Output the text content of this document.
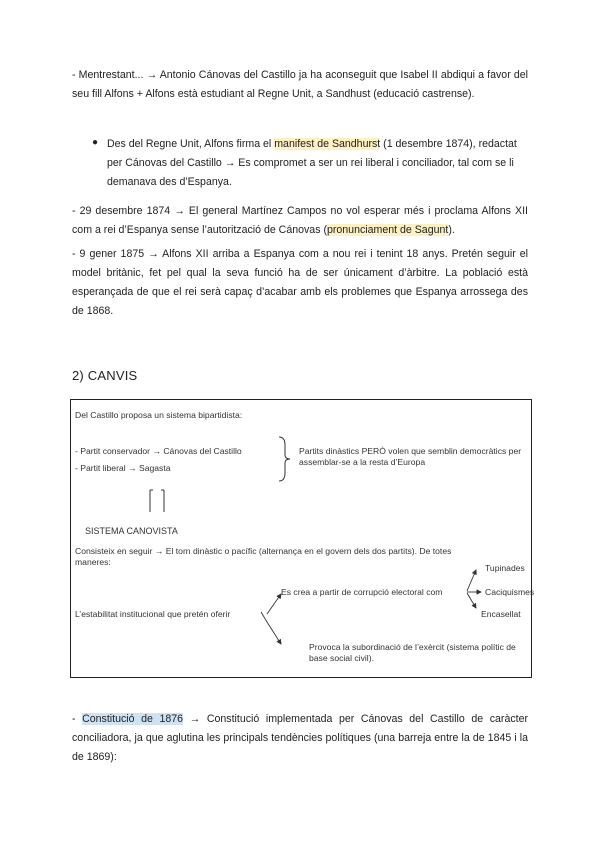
- Mentrestant... → Antonio Cánovas del Castillo ja ha aconseguit que Isabel II abdiqui a favor del seu fill Alfons + Alfons està estudiant al Regne Unit, a Sandhust (educació castrense).
● Des del Regne Unit, Alfons firma el manifest de Sandhurst (1 desembre 1874), redactat per Cánovas del Castillo → Es compromet a ser un rei liberal i conciliador, tal com se li demanava des d’Espanya.
- 29 desembre 1874 → El general Martínez Campos no vol esperar més i proclama Alfons XII com a rei d’Espanya sense l’autorització de Cánovas (pronunciament de Sagunt).
- 9 gener 1875 → Alfons XII arriba a Espanya com a nou rei i tenint 18 anys. Pretén seguir el model britànic, fet pel qual la seva funció ha de ser únicament d’àrbitre. La població està esperançada de que el rei serà capaç d’acabar amb els problemes que Espanya arrossega des de 1868.
2) CANVIS
Del Castillo proposa un sistema bipartidista:
- Partit conservador → Cánovas del Castillo
- Partit liberal → Sagasta
Partits dinàstics PERÒ volen que semblin democràtics per
assemblar-se a la resta d’Europa
SISTEMA CANOVISTA
Consisteix en seguir → El torn dinàstic o pacífic (alternança en el govern dels dos partits). De totes
maneres:
L’estabilitat institucional que pretén oferir
Es crea a partir de corrupció electoral com
Tupinades
Caciquismes
Encasellat
Provoca la subordinació de l’exèrcit (sistema polític de
base social civil).
- Constitució de 1876 → Constitució implementada per Cánovas del Castillo de caràcter conciliadora, ja que aglutina les principals tendències polítiques (una barreja entre la de 1845 i la de 1869):
